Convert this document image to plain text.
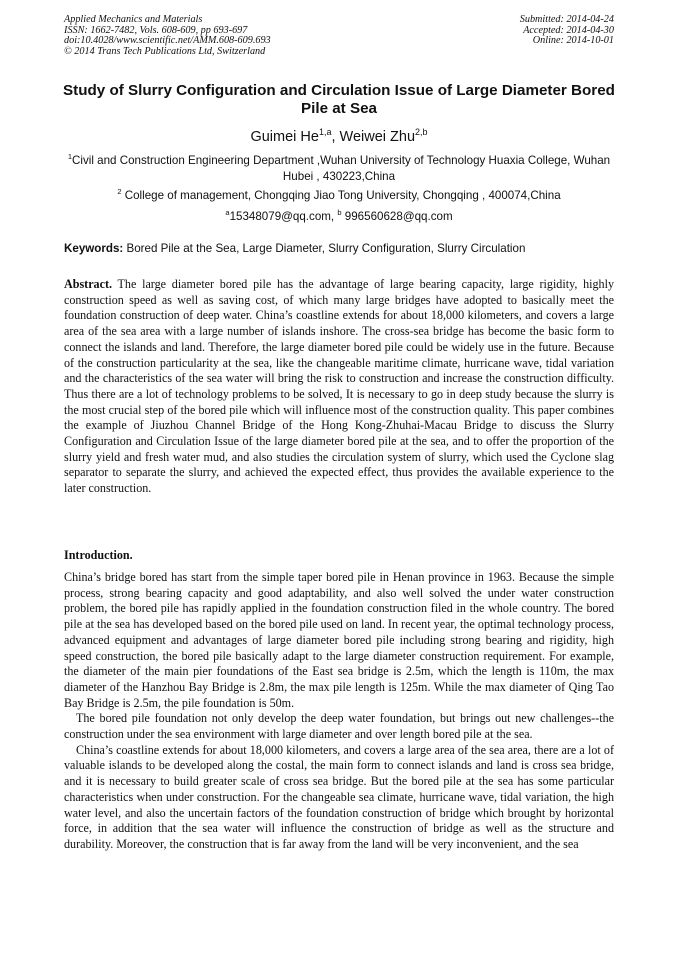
Applied Mechanics and Materials
ISSN: 1662-7482, Vols. 608-609, pp 693-697
doi:10.4028/www.scientific.net/AMM.608-609.693
© 2014 Trans Tech Publications Ltd, Switzerland
Submitted: 2014-04-24
Accepted: 2014-04-30
Online: 2014-10-01
Study of Slurry Configuration and Circulation Issue of Large Diameter Bored Pile at Sea
Guimei He$^{1,a}$, Weiwei Zhu$^{2,b}$
$^1$Civil and Construction Engineering Department ,Wuhan University of Technology Huaxia College, Wuhan Hubei , 430223,China
$^2$ College of management, Chongqing Jiao Tong University, Chongqing , 400074,China
$^a$15348079@qq.com, $^b$ 996560628@qq.com
Keywords: Bored Pile at the Sea, Large Diameter, Slurry Configuration, Slurry Circulation
Abstract. The large diameter bored pile has the advantage of large bearing capacity, large rigidity, highly construction speed as well as saving cost, of which many large bridges have adopted to basically meet the foundation construction of deep water. China’s coastline extends for about 18,000 kilometers, and covers a large area of the sea area with a large number of islands inshore. The cross-sea bridge has become the basic form to connect the islands and land. Therefore, the large diameter bored pile could be widely use in the future. Because of the construction particularity at the sea, like the changeable maritime climate, hurricane wave, tidal variation and the characteristics of the sea water will bring the risk to construction and increase the construction difficulty. Thus there are a lot of technology problems to be solved, It is necessary to go in deep study because the slurry is the most crucial step of the bored pile which will influence most of the construction quality. This paper combines the example of Jiuzhou Channel Bridge of the Hong Kong-Zhuhai-Macau Bridge to discuss the Slurry Configuration and Circulation Issue of the large diameter bored pile at the sea, and to offer the proportion of the slurry yield and fresh water mud, and also studies the circulation system of slurry, which used the Cyclone slag separator to separate the slurry, and achieved the expected effect, thus provides the available experience to the later construction.
Introduction.

China’s bridge bored has start from the simple taper bored pile in Henan province in 1963. Because the simple process, strong bearing capacity and good adaptability, and also well solved the under water construction problem, the bored pile has rapidly applied in the foundation construction filed in the whole country. The bored pile at the sea has developed based on the bored pile used on land. In recent year, the optimal technology process, advanced equipment and advantages of large diameter bored pile including strong bearing and rigidity, high speed construction, the bored pile basically adapt to the large diameter construction requirement. For example, the diameter of the main pier foundations of the East sea bridge is 2.5m, which the length is 110m, the max diameter of the Hanzhou Bay Bridge is 2.8m, the max pile length is 125m. While the max diameter of Qing Tao Bay Bridge is 2.5m, the pile foundation is 50m.

The bored pile foundation not only develop the deep water foundation, but brings out new challenges--the construction under the sea environment with large diameter and over length bored pile at the sea.

China’s coastline extends for about 18,000 kilometers, and covers a large area of the sea area, there are a lot of valuable islands to be developed along the costal, the main form to connect islands and land is cross sea bridge, and it is necessary to build greater scale of cross sea bridge. But the bored pile at the sea has some particular characteristics when under construction. For the changeable sea climate, hurricane wave, tidal variation, the high water level, and also the uncertain factors of the foundation construction of bridge which brought by horizontal force, in addition that the sea water will influence the construction of bridge as well as the structure and durability. Moreover, the construction that is far away from the land will be very inconvenient, and the sea
